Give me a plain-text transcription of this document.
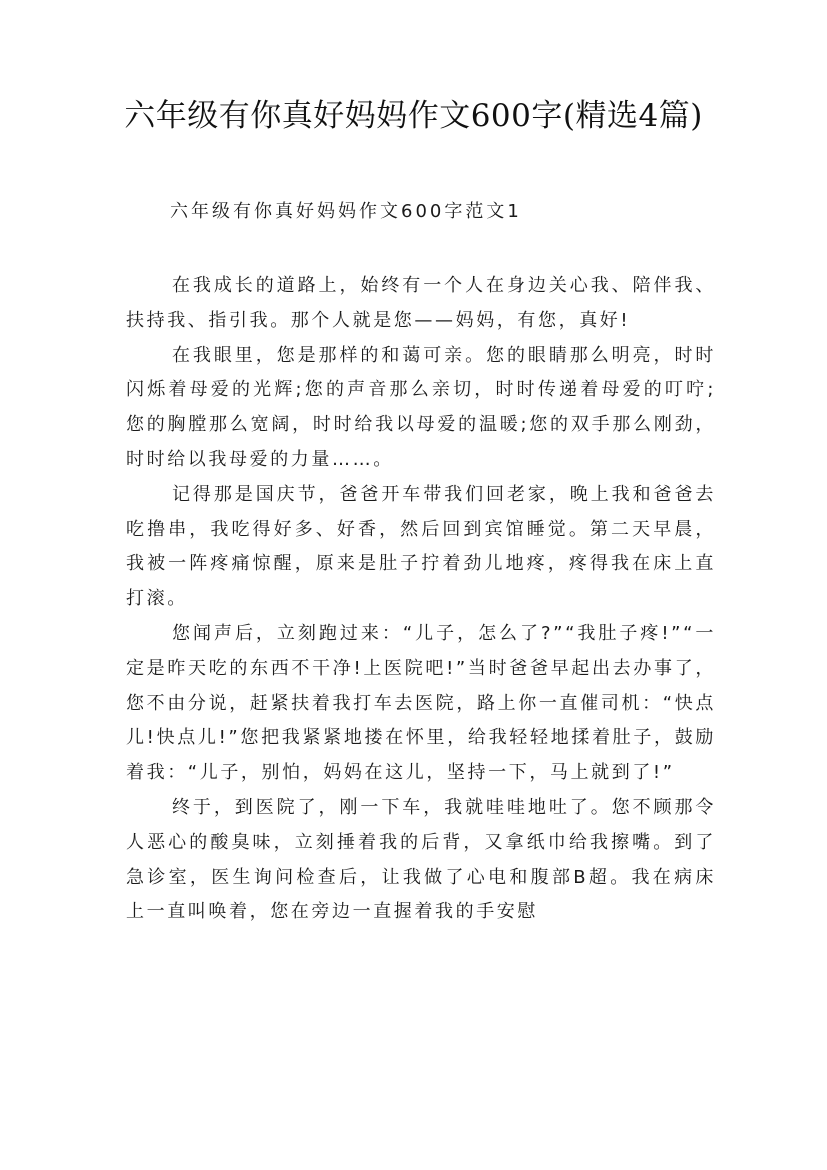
六年级有你真好妈妈作文600字(精选4篇)
六年级有你真好妈妈作文600字范文1

在我成长的道路上，始终有一个人在身边关心我、陪伴我、扶持我、指引我。那个人就是您——妈妈，有您，真好!

在我眼里，您是那样的和蔼可亲。您的眼睛那么明亮，时时闪烁着母爱的光辉;您的声音那么亲切，时时传递着母爱的叮咛;您的胸膛那么宽阔，时时给我以母爱的温暖;您的双手那么刚劲，时时给以我母爱的力量……。

记得那是国庆节，爸爸开车带我们回老家，晚上我和爸爸去吃撸串，我吃得好多、好香，然后回到宾馆睡觉。第二天早晨，我被一阵疼痛惊醒，原来是肚子拧着劲儿地疼，疼得我在床上直打滚。

您闻声后，立刻跑过来：“儿子，怎么了?”“我肚子疼!”“一定是昨天吃的东西不干净!上医院吧!”当时爸爸早起出去办事了，您不由分说，赶紧扶着我打车去医院，路上你一直催司机：“快点儿!快点儿!”您把我紧紧地搂在怀里，给我轻轻地揉着肚子，鼓励着我：“儿子，别怕，妈妈在这儿，坚持一下，马上就到了!”

终于，到医院了，刚一下车，我就哇哇地吐了。您不顾那令人恶心的酸臭味，立刻捶着我的后背，又拿纸巾给我擦嘴。到了急诊室，医生询问检查后，让我做了心电和腹部B超。我在病床上一直叫唤着，您在旁边一直握着我的手安慰
